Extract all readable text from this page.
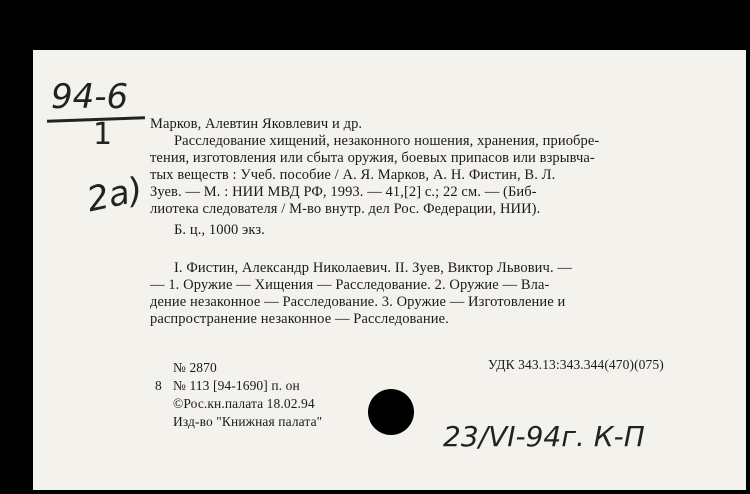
94-6
1
2а)
Марков, Алевтин Яковлевич и др.
Расследование хищений, незаконного ношения, хранения, приобре-
тения, изготовления или сбыта оружия, боевых припасов или взрывча-
тых веществ : Учеб. пособие / А. Я. Марков, А. Н. Фистин, В. Л.
Зуев. — М. : НИИ МВД РФ, 1993. — 41,[2] с.; 22 см. — (Биб-
лиотека следователя / М-во внутр. дел Рос. Федерации, НИИ).
Б. ц., 1000 экз.
I. Фистин, Александр Николаевич. II. Зуев, Виктор Львович. —
— 1. Оружие — Хищения — Расследование. 2. Оружие — Вла-
дение незаконное — Расследование. 3. Оружие — Изготовление и
распространение незаконное — Расследование.
№ 2870	УДК 343.13:343.344(470)(075)
8 № 113 [94-1690] п. он
©Рос.кн.палата 18.02.94
Изд-во "Книжная палата"	23/VI-94г. К-П
